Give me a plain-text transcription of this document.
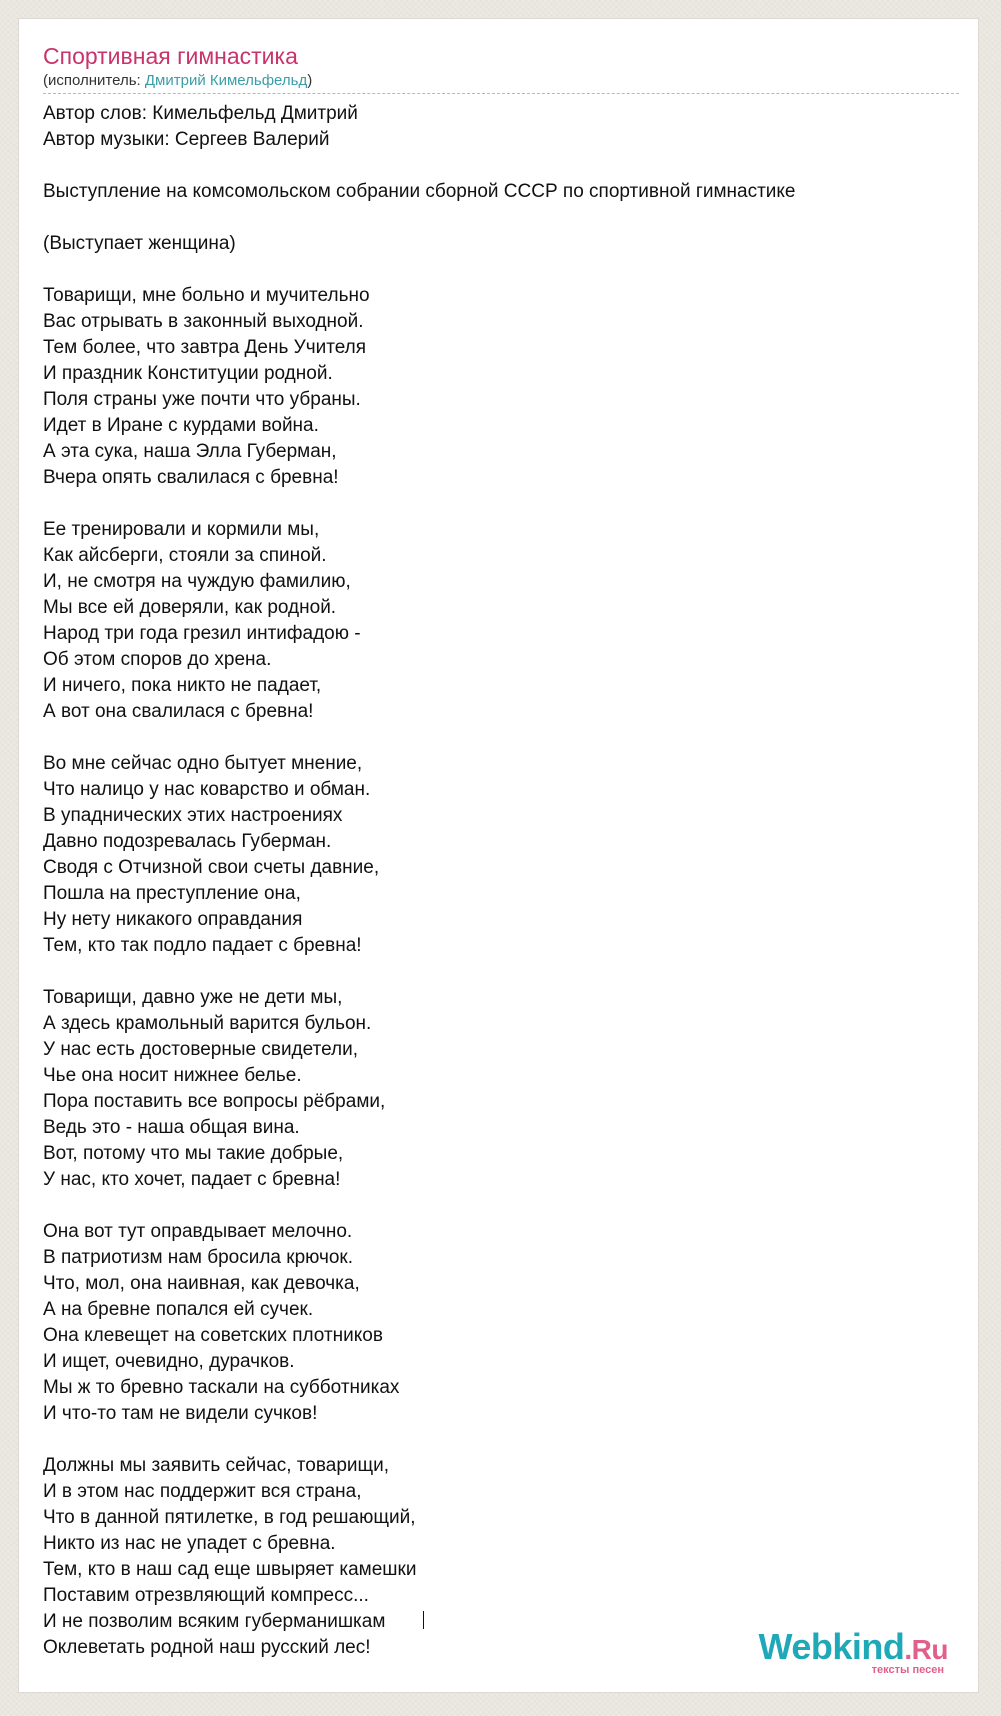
Спортивная гимнастика
(исполнитель: Дмитрий Кимельфельд)
Автор слов: Кимельфельд Дмитрий
Автор музыки: Сергеев Валерий
Выступление на комсомольском собрании сборной СССР по спортивной гимнастике
(Выступает женщина)
Товарищи, мне больно и мучительно
Вас отрывать в законный выходной.
Тем более, что завтра День Учителя
И праздник Конституции родной.
Поля страны уже почти что убраны.
Идет в Иране с курдами война.
А эта сука, наша Элла Губерман,
Вчера опять свалилася с бревна!
Ее тренировали и кормили мы,
Как айсберги, стояли за спиной.
И, не смотря на чуждую фамилию,
Мы все ей доверяли, как родной.
Народ три года грезил интифадою -
Об этом споров до хрена.
И ничего, пока никто не падает,
А вот она свалилася с бревна!
Во мне сейчас одно бытует мнение,
Что налицо у нас коварство и обман.
В упаднических этих настроениях
Давно подозревалась Губерман.
Сводя с Отчизной свои счеты давние,
Пошла на преступление она,
Ну нету никакого оправдания
Тем, кто так подло падает с бревна!
Товарищи, давно уже не дети мы,
А здесь крамольный варится бульон.
У нас есть достоверные свидетели,
Чье она носит нижнее белье.
Пора поставить все вопросы рёбрами,
Ведь это - наша общая вина.
Вот, потому что мы такие добрые,
У нас, кто хочет, падает с бревна!
Она вот тут оправдывает мелочно.
В патриотизм нам бросила крючок.
Что, мол, она наивная, как девочка,
А на бревне попался ей сучек.
Она клевещет на советских плотников
И ищет, очевидно, дурачков.
Мы ж то бревно таскали на субботниках
И что-то там не видели сучков!
Должны мы заявить сейчас, товарищи,
И в этом нас поддержит вся страна,
Что в данной пятилетке, в год решающий,
Никто из нас не упадет с бревна.
Тем, кто в наш сад еще швыряет камешки
Поставим отрезвляющий компресс...
И не позволим всяким губерманишкам
Оклеветать родной наш русский лес!	Webkind.Ru
тексты песен
